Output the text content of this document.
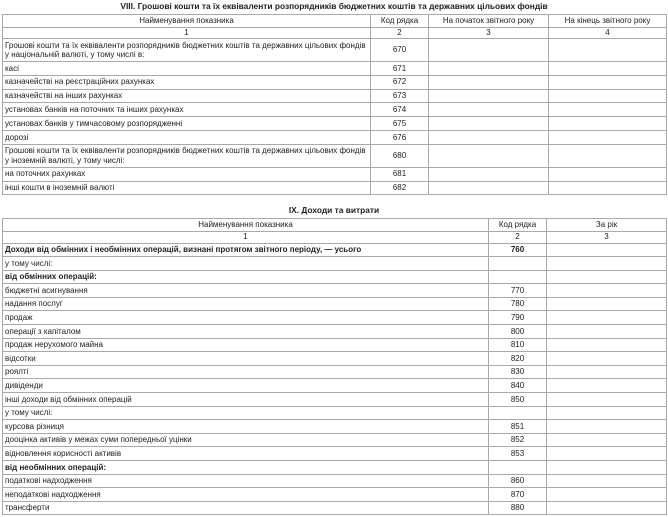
VIII. Грошові кошти та їх еквіваленти розпорядників бюджетних коштів та державних цільових фондів
Найменування показника	Код рядка	На початок звітного року	На кінець звітного року
1	2	3	4
Грошові кошти та їх еквіваленти розпорядників бюджетних коштів та державних цільових фондів у національній валюті, у тому числі в:	670		
касі	671		
казначействі на реєстраційних рахунках	672		
казначействі на інших рахунках	673		
установах банків на поточних та інших рахунках	674		
установах банків у тимчасовому розпорядженні	675		
дорозі	676		
Грошові кошти та їх еквіваленти розпорядників бюджетних коштів та державних цільових фондів у іноземній валюті, у тому числі:	680		
на поточних рахунках	681		
інші кошти в іноземній валюті	682		
IX. Доходи та витрати
Найменування показника	Код рядка	За рік
1	2	3
Доходи від обмінних і необмінних операцій, визнані протягом звітного періоду, — усього	760	
у тому числі:		
від обмінних операцій:		
бюджетні асигнування	770	
надання послуг	780	
продаж	790	
операції з капіталом	800	
продаж нерухомого майна	810	
відсотки	820	
роялті	830	
дивіденди	840	
інші доходи від обмінних операцій	850	
у тому числі:		
курсова різниця	851	
дооцінка активів у межах суми попередньої уцінки	852	
відновлення корисності активів	853	
від необмінних операцій:		
податкові надходження	860	
неподаткові надходження	870	
трансферти	880	
